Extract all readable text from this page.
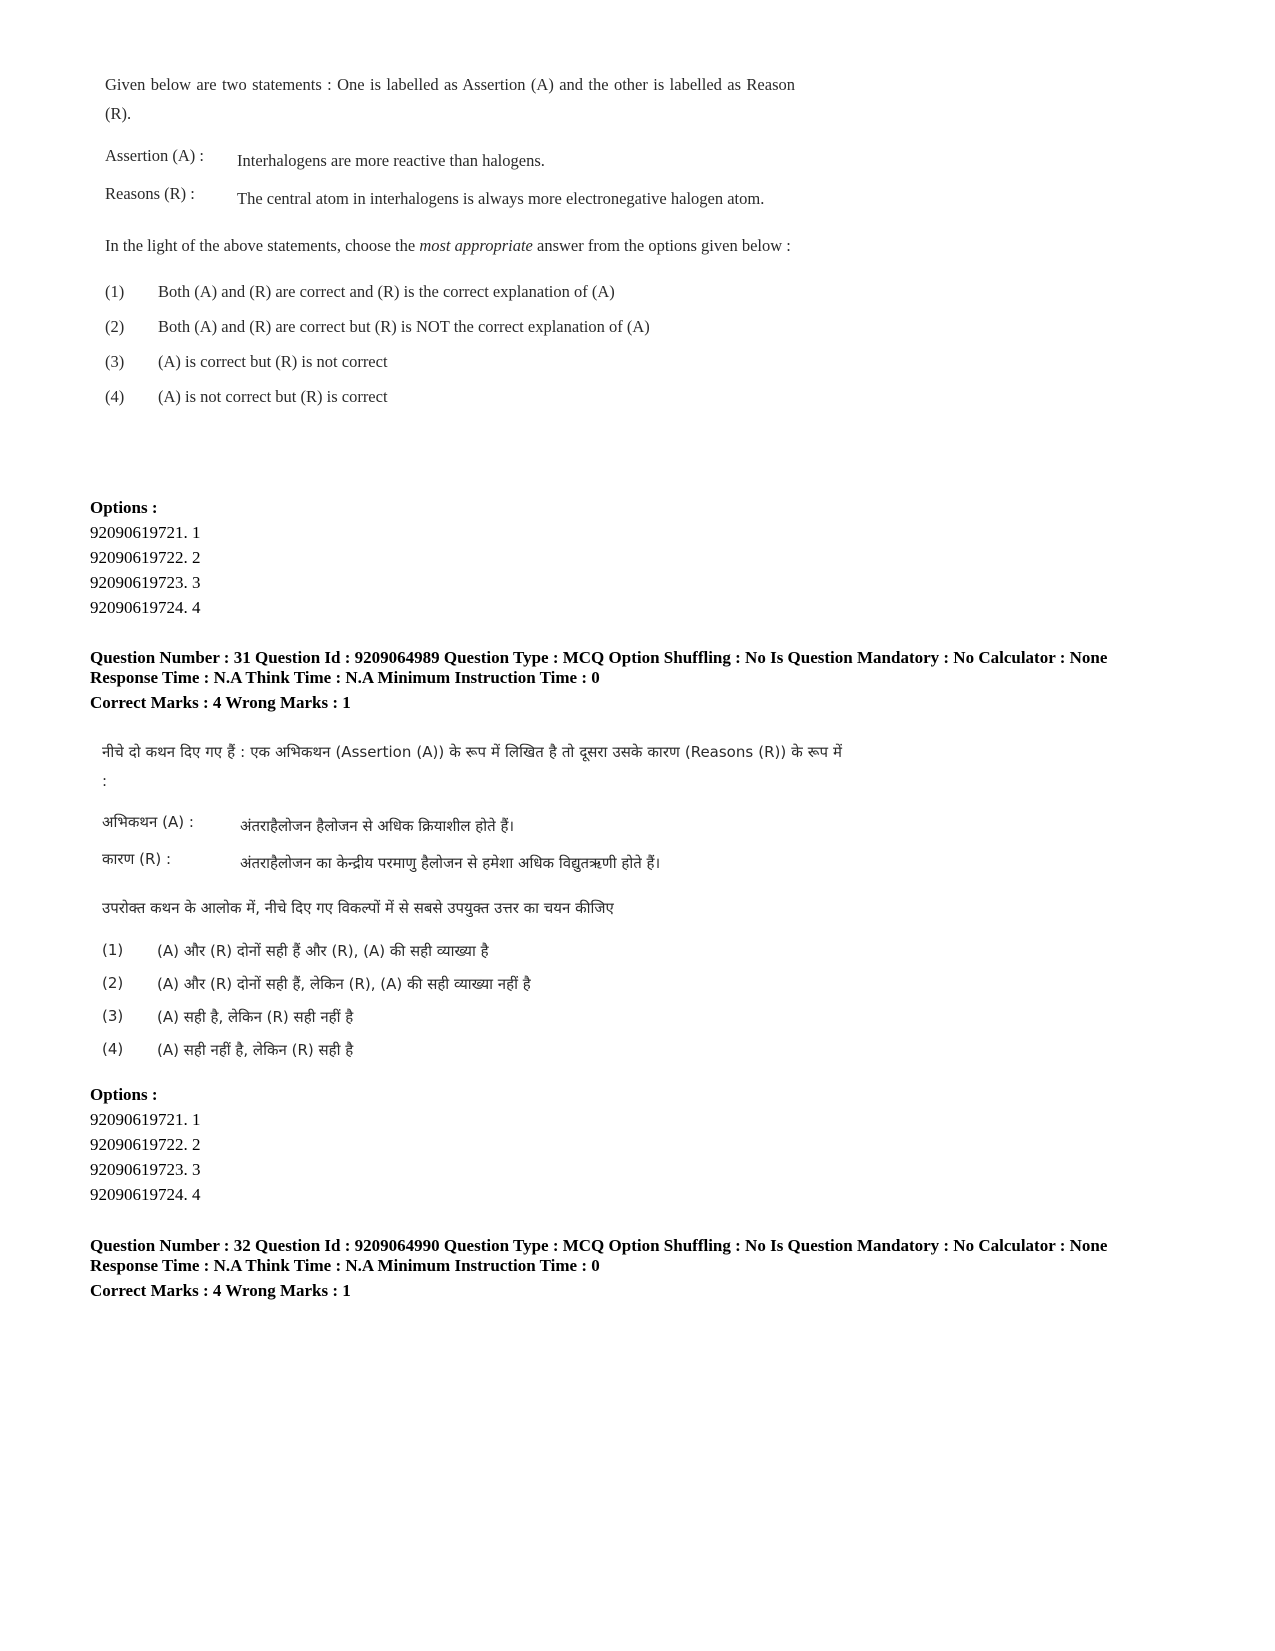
Given below are two statements : One is labelled as Assertion (A) and the other is labelled as Reason (R).

Assertion (A) :	Interhalogens are more reactive than halogens.
Reasons (R) :	The central atom in interhalogens is always more electronegative halogen atom.

In the light of the above statements, choose the most appropriate answer from the options given below :

(1)	Both (A) and (R) are correct and (R) is the correct explanation of (A)
(2)	Both (A) and (R) are correct but (R) is NOT the correct explanation of (A)
(3)	(A) is correct but (R) is not correct
(4)	(A) is not correct but (R) is correct
Options :
92090619721. 1
92090619722. 2
92090619723. 3
92090619724. 4
Question Number : 31 Question Id : 9209064989 Question Type : MCQ Option Shuffling : No Is Question Mandatory : No Calculator : None
Response Time : N.A Think Time : N.A Minimum Instruction Time : 0
Correct Marks : 4 Wrong Marks : 1

नीचे दो कथन दिए गए हैं : एक अभिकथन (Assertion (A)) के रूप में लिखित है तो दूसरा उसके कारण (Reasons (R)) के रूप में :

अभिकथन (A) :	अंतराहैलोजन हैलोजन से अधिक क्रियाशील होते हैं।
कारण (R) :	अंतराहैलोजन का केन्द्रीय परमाणु हैलोजन से हमेशा अधिक विद्युतऋणी होते हैं।

उपरोक्त कथन के आलोक में, नीचे दिए गए विकल्पों में से सबसे उपयुक्त उत्तर का चयन कीजिए

(1)	(A) और (R) दोनों सही हैं और (R), (A) की सही व्याख्या है
(2)	(A) और (R) दोनों सही हैं, लेकिन (R), (A) की सही व्याख्या नहीं है
(3)	(A) सही है, लेकिन (R) सही नहीं है
(4)	(A) सही नहीं है, लेकिन (R) सही है
Options :
92090619721. 1
92090619722. 2
92090619723. 3
92090619724. 4
Question Number : 32 Question Id : 9209064990 Question Type : MCQ Option Shuffling : No Is Question Mandatory : No Calculator : None
Response Time : N.A Think Time : N.A Minimum Instruction Time : 0
Correct Marks : 4 Wrong Marks : 1
